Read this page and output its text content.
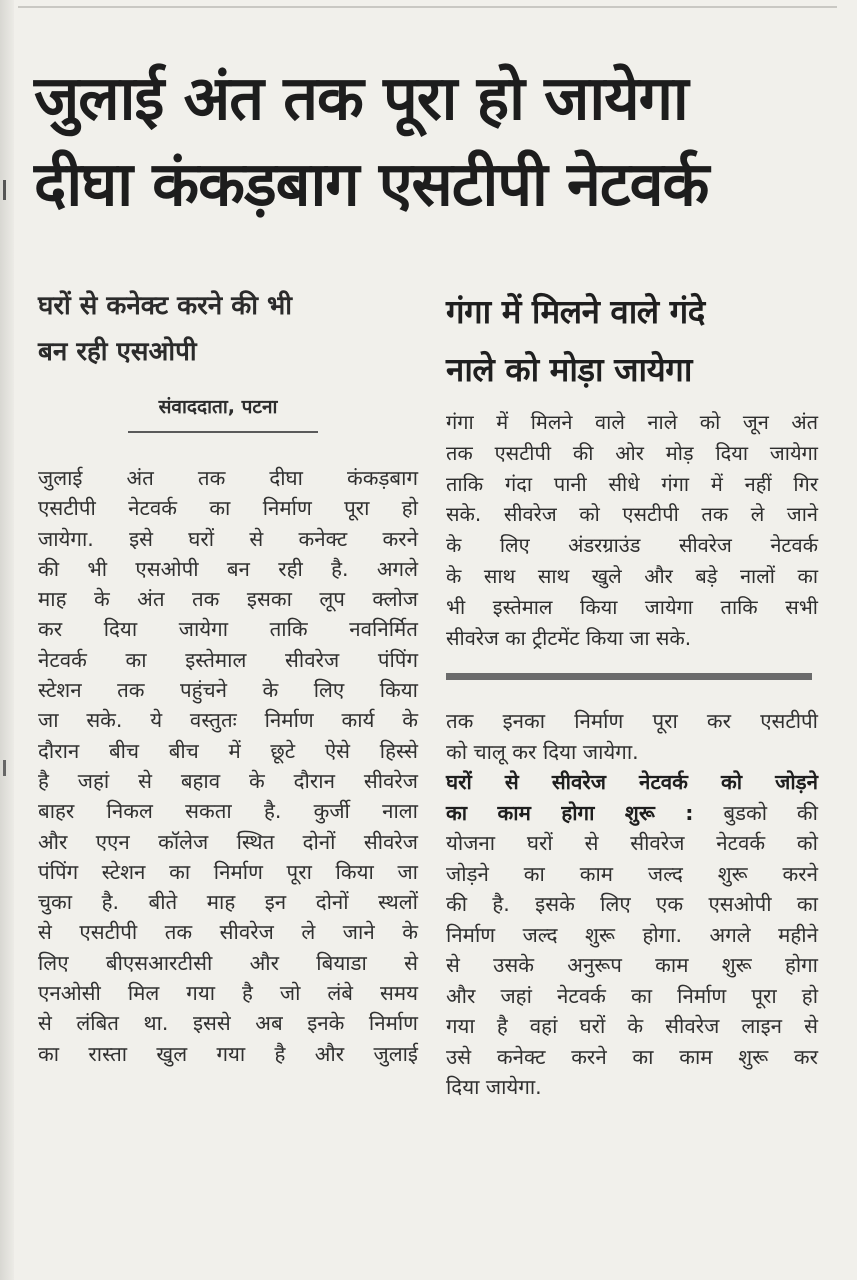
जुलाई अंत तक पूरा हो जायेगा
दीघा कंकड़बाग एसटीपी नेटवर्क
घरों से कनेक्ट करने की भी
बन रही एसओपी
संवाददाता, पटना
जुलाई अंत तक दीघा कंकड़बाग
एसटीपी नेटवर्क का निर्माण पूरा हो
जायेगा. इसे घरों से कनेक्ट करने
की भी एसओपी बन रही है. अगले
माह के अंत तक इसका लूप क्लोज
कर दिया जायेगा ताकि नवनिर्मित
नेटवर्क का इस्तेमाल सीवरेज पंपिंग
स्टेशन तक पहुंचने के लिए किया
जा सके. ये वस्तुतः निर्माण कार्य के
दौरान बीच बीच में छूटे ऐसे हिस्से
है जहां से बहाव के दौरान सीवरेज
बाहर निकल सकता है. कुर्जी नाला
और एएन कॉलेज स्थित दोनों सीवरेज
पंपिंग स्टेशन का निर्माण पूरा किया जा
चुका है. बीते माह इन दोनों स्थलों
से एसटीपी तक सीवरेज ले जाने के
लिए बीएसआरटीसी और बियाडा से
एनओसी मिल गया है जो लंबे समय
से लंबित था. इससे अब इनके निर्माण
का रास्ता खुल गया है और जुलाई
गंगा में मिलने वाले गंदे
नाले को मोड़ा जायेगा
गंगा में मिलने वाले नाले को जून अंत
तक एसटीपी की ओर मोड़ दिया जायेगा
ताकि गंदा पानी सीधे गंगा में नहीं गिर
सके. सीवरेज को एसटीपी तक ले जाने
के लिए अंडरग्राउंड सीवरेज नेटवर्क
के साथ साथ खुले और बड़े नालों का
भी इस्तेमाल किया जायेगा ताकि सभी
सीवरेज का ट्रीटमेंट किया जा सके.
तक इनका निर्माण पूरा कर एसटीपी
को चालू कर दिया जायेगा.
घरों से सीवरेज नेटवर्क को जोड़ने
का काम होगा शुरू : बुडको की
योजना घरों से सीवरेज नेटवर्क को
जोड़ने का काम जल्द शुरू करने
की है. इसके लिए एक एसओपी का
निर्माण जल्द शुरू होगा. अगले महीने
से उसके अनुरूप काम शुरू होगा
और जहां नेटवर्क का निर्माण पूरा हो
गया है वहां घरों के सीवरेज लाइन से
उसे कनेक्ट करने का काम शुरू कर
दिया जायेगा.
